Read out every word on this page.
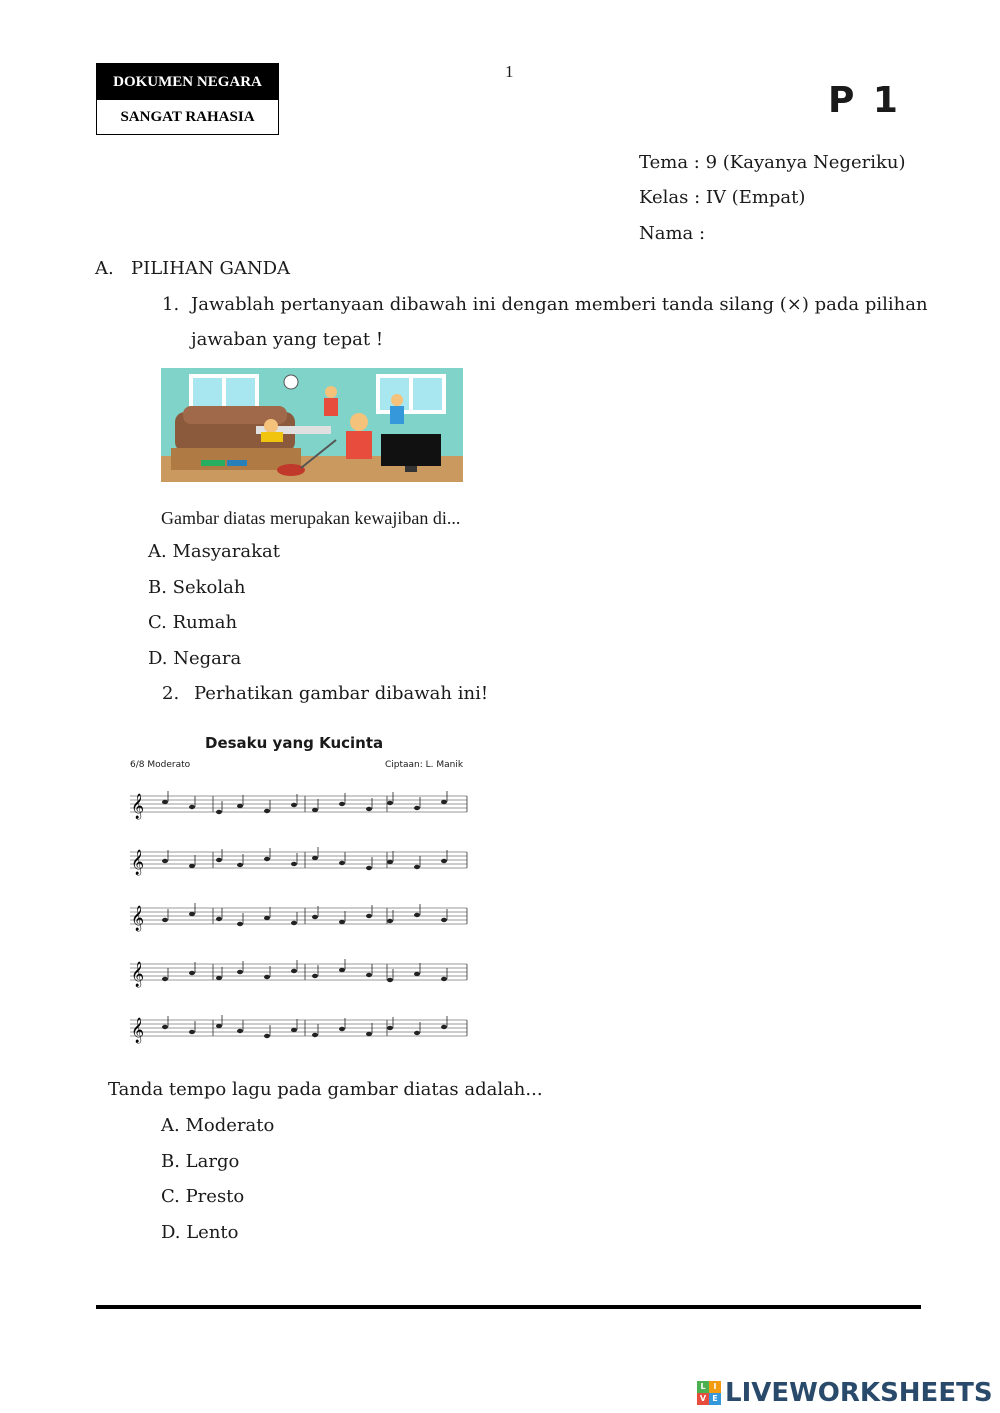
DOKUMEN NEGARA
SANGAT RAHASIA
1
P 1
Tema : 9 (Kayanya Negeriku)
Kelas : IV (Empat)
Nama :
A. PILIHAN GANDA
1. Jawablah pertanyaan dibawah ini dengan memberi tanda silang (×) pada pilihan
jawaban yang tepat !
Gambar diatas merupakan kewajiban di...
A. Masyarakat
B. Sekolah
C. Rumah
D. Negara
2. Perhatikan gambar dibawah ini!
Desaku yang Kucinta
6/8 Moderato	Ciptaan: L. Manik
𝄞
𝄞
𝄞
𝄞
𝄞
Tanda tempo lagu pada gambar diatas adalah...
A. Moderato
B. Largo
C. Presto
D. Lento
L I
V E LIVEWORKSHEETS
